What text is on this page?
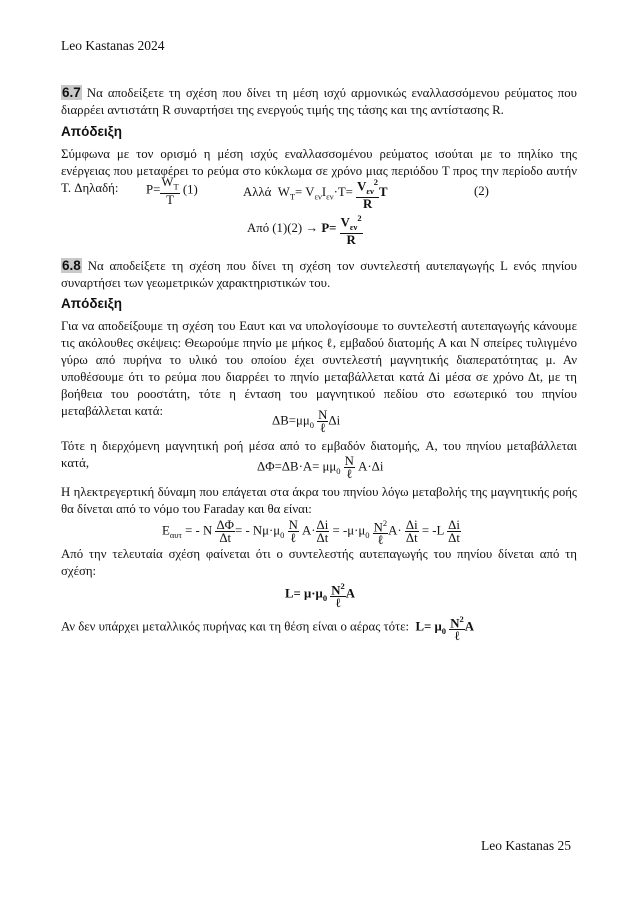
Leo Kastanas 2024
6.7 Να αποδείξετε τη σχέση που δίνει τη μέση ισχύ αρμονικώς εναλλασσόμενου ρεύματος που διαρρέει αντιστάτη R συναρτήσει της ενεργούς τιμής της τάσης και της αντίστασης R.
Απόδειξη
Σύμφωνα με τον ορισμό η μέση ισχύς εναλλασσομένου ρεύματος ισούται με το πηλίκο της ενέργειας που μεταφέρει το ρεύμα στο κύκλωμα σε χρόνο μιας περιόδου T προς την περίοδο αυτήν T. Δηλαδή:	$P= \frac{W_T}{T} (1)$	Αλλά  $W_T= V_{\varepsilon\nu}I_{\varepsilon\nu}\cdot T= \frac{V_{\varepsilon\nu}^2}{R}$ T	(2)
Από $(1)(2) \to P= \frac{V_{\varepsilon\nu}^2}{R}$
6.8 Να αποδείξετε τη σχέση που δίνει τη σχέση τον συντελεστή αυτεπαγωγής L ενός πηνίου συναρτήσει των γεωμετρικών χαρακτηριστικών του.
Απόδειξη
Για να αποδείξουμε τη σχέση του Εαυτ και να υπολογίσουμε το συντελεστή αυτεπαγωγής κάνουμε τις ακόλουθες σκέψεις: Θεωρούμε πηνίο με μήκος ℓ, εμβαδού διατομής A και N σπείρες τυλιγμένο γύρω από πυρήνα το υλικό του οποίου έχει συντελεστή μαγνητικής διαπερατότητας μ. Αν υποθέσουμε ότι το ρεύμα που διαρρέει το πηνίο μεταβάλλεται κατά Δi μέσα σε χρόνο Δt, με τη βοήθεια του ροοστάτη, τότε η ένταση του μαγνητικού πεδίου στο εσωτερικό του πηνίου μεταβάλλεται κατά:
$\Delta B=\mu\mu_0 \frac{N}{\text{ℓ}}$ Δi
Τότε η διερχόμενη μαγνητική ροή μέσα από το εμβαδόν διατομής, A, του πηνίου μεταβάλλεται κατά,	$\Delta\Phi=\Delta B\cdot A= \mu\mu_0 \frac{N}{\text{ℓ}} A\cdot\Delta i$
Η ηλεκτρεγερτική δύναμη που επάγεται στα άκρα του πηνίου λόγω μεταβολής της μαγνητικής ροής θα δίνεται από το νόμο του Faraday και θα είναι:
$E_{\alpha\upsilon\tau}$ = - N $\frac{\Delta\Phi}{\Delta t}$ = - $N\mu\cdot\mu_0 \frac{N}{\text{ℓ}} A\cdot \frac{\Delta i}{\Delta t} = -\mu\cdot\mu_0 \frac{N^2}{\text{ℓ}} A\cdot \frac{\Delta i}{\Delta t} = -L \frac{\Delta i}{\Delta t}$
Από την τελευταία σχέση φαίνεται ότι ο συντελεστής αυτεπαγωγής του πηνίου δίνεται από τη σχέση:
$L= \mu\cdot\mu_0 \frac{N^2}{\text{ℓ}}$ A
Αν δεν υπάρχει μεταλλικός πυρήνας και τη θέση είναι ο αέρας τότε:  $L= \mu_0 \frac{N^2}{\text{ℓ}}$ A
Leo Kastanas 25
